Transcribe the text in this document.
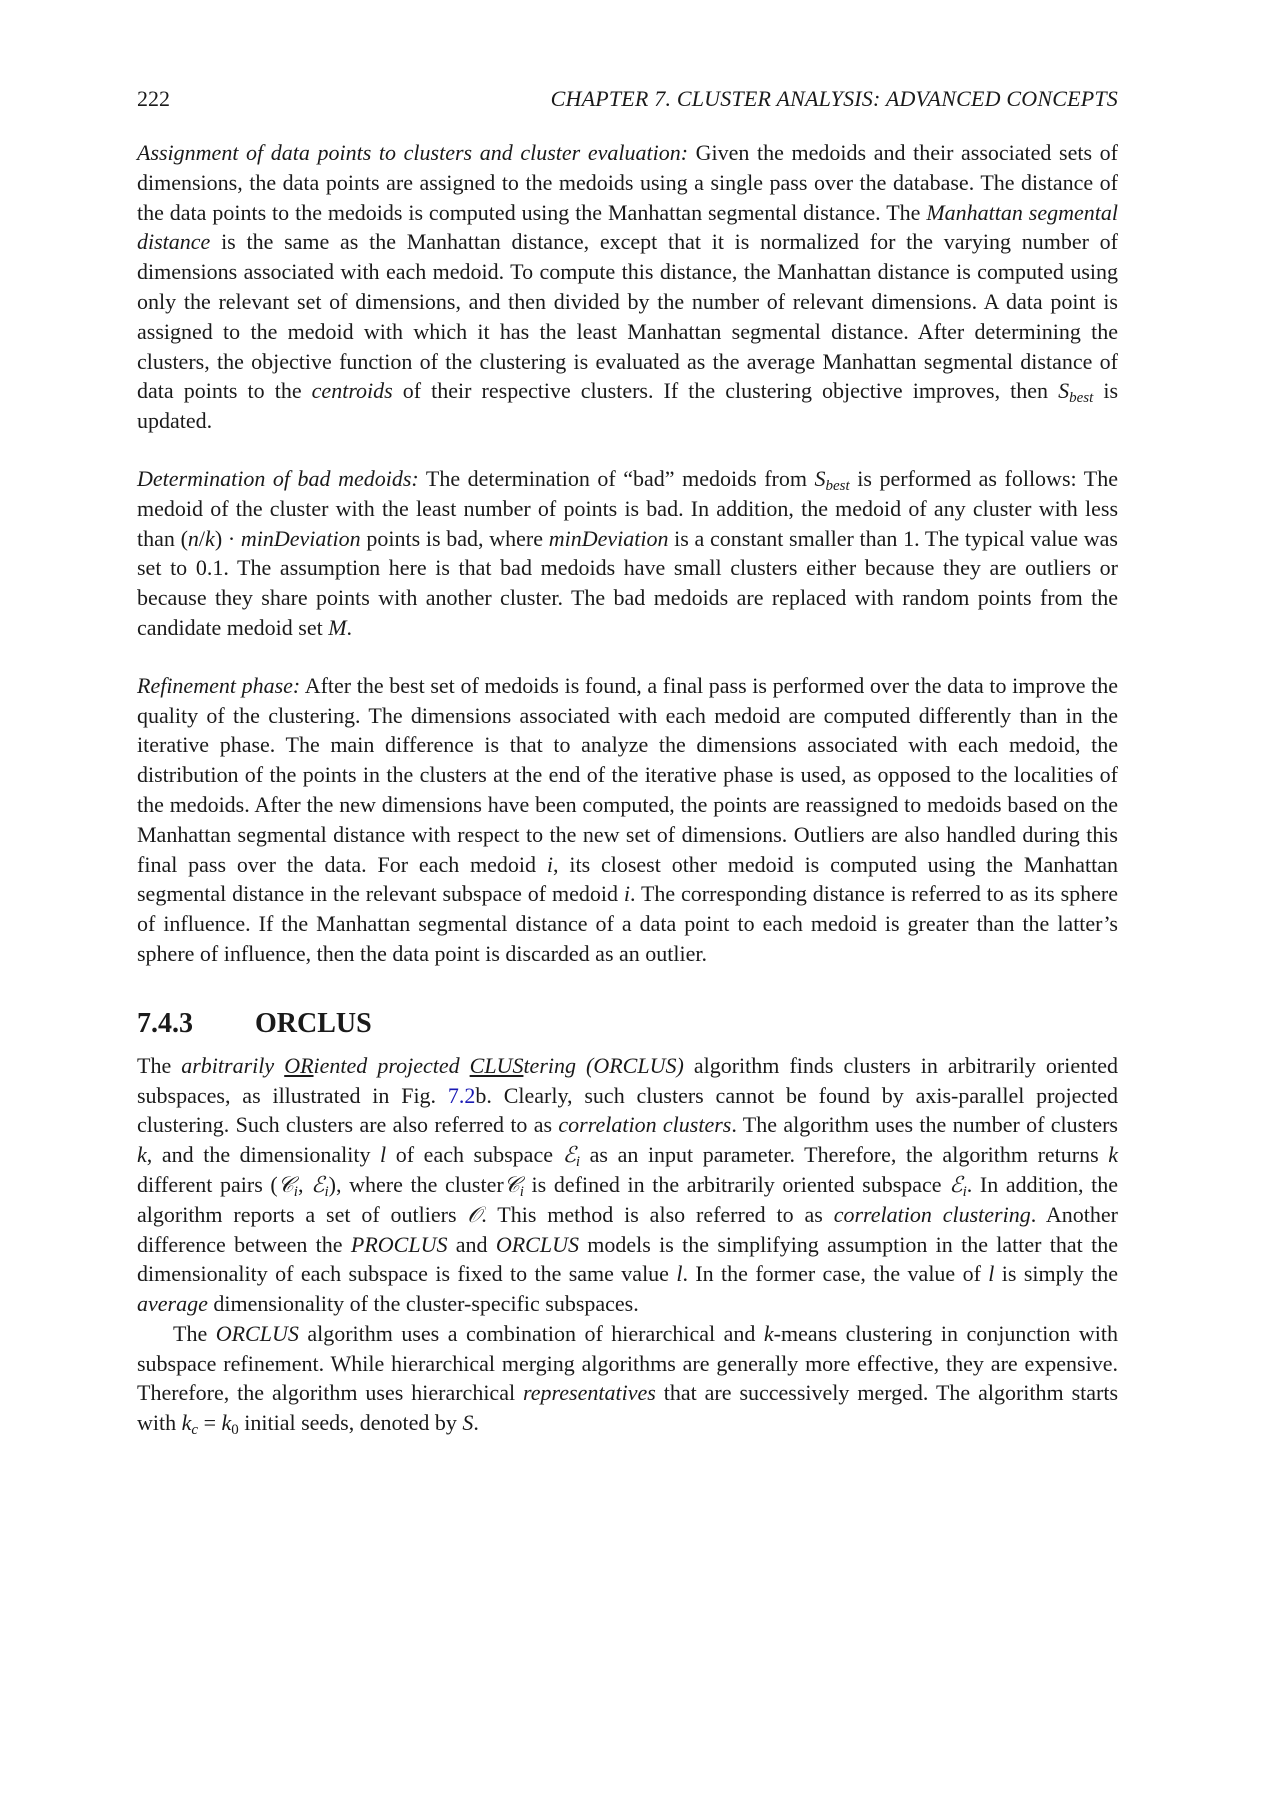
222	CHAPTER 7. CLUSTER ANALYSIS: ADVANCED CONCEPTS

Assignment of data points to clusters and cluster evaluation: Given the medoids and their associated sets of dimensions, the data points are assigned to the medoids using a single pass over the database. The distance of the data points to the medoids is computed using the Manhattan segmental distance. The Manhattan segmental distance is the same as the Manhattan distance, except that it is normalized for the varying number of dimensions associated with each medoid. To compute this distance, the Manhattan distance is computed using only the relevant set of dimensions, and then divided by the number of relevant dimensions. A data point is assigned to the medoid with which it has the least Manhattan segmental distance. After determining the clusters, the objective function of the clustering is evaluated as the average Manhattan segmental distance of data points to the centroids of their respective clusters. If the clustering objective improves, then $S_{best}$ is updated.

Determination of bad medoids: The determination of “bad” medoids from $S_{best}$ is performed as follows: The medoid of the cluster with the least number of points is bad. In addition, the medoid of any cluster with less than (n/k) · minDeviation points is bad, where minDeviation is a constant smaller than 1. The typical value was set to 0.1. The assumption here is that bad medoids have small clusters either because they are outliers or because they share points with another cluster. The bad medoids are replaced with random points from the candidate medoid set M.

Refinement phase: After the best set of medoids is found, a final pass is performed over the data to improve the quality of the clustering. The dimensions associated with each medoid are computed differently than in the iterative phase. The main difference is that to analyze the dimensions associated with each medoid, the distribution of the points in the clusters at the end of the iterative phase is used, as opposed to the localities of the medoids. After the new dimensions have been computed, the points are reassigned to medoids based on the Manhattan segmental distance with respect to the new set of dimensions. Outliers are also handled during this final pass over the data. For each medoid i, its closest other medoid is computed using the Manhattan segmental distance in the relevant subspace of medoid i. The corresponding distance is referred to as its sphere of influence. If the Manhattan segmental distance of a data point to each medoid is greater than the latter’s sphere of influence, then the data point is discarded as an outlier.

7.4.3 ORCLUS

The arbitrarily ORiented projected CLUStering (ORCLUS) algorithm finds clusters in arbitrarily oriented subspaces, as illustrated in Fig. 7.2b. Clearly, such clusters cannot be found by axis-parallel projected clustering. Such clusters are also referred to as correlation clusters. The algorithm uses the number of clusters k, and the dimensionality l of each subspace ℰ$_i$ as an input parameter. Therefore, the algorithm returns k different pairs (𝒞$_i$, ℰ$_i$), where the cluster𝒞$_i$ is defined in the arbitrarily oriented subspace ℰ$_i$. In addition, the algorithm reports a set of outliers 𝒪. This method is also referred to as correlation clustering. Another difference between the PROCLUS and ORCLUS models is the simplifying assumption in the latter that the dimensionality of each subspace is fixed to the same value l. In the former case, the value of l is simply the average dimensionality of the cluster-specific subspaces.

The ORCLUS algorithm uses a combination of hierarchical and k-means clustering in conjunction with subspace refinement. While hierarchical merging algorithms are generally more effective, they are expensive. Therefore, the algorithm uses hierarchical representatives that are successively merged. The algorithm starts with $k_c = k_0$ initial seeds, denoted by S.
